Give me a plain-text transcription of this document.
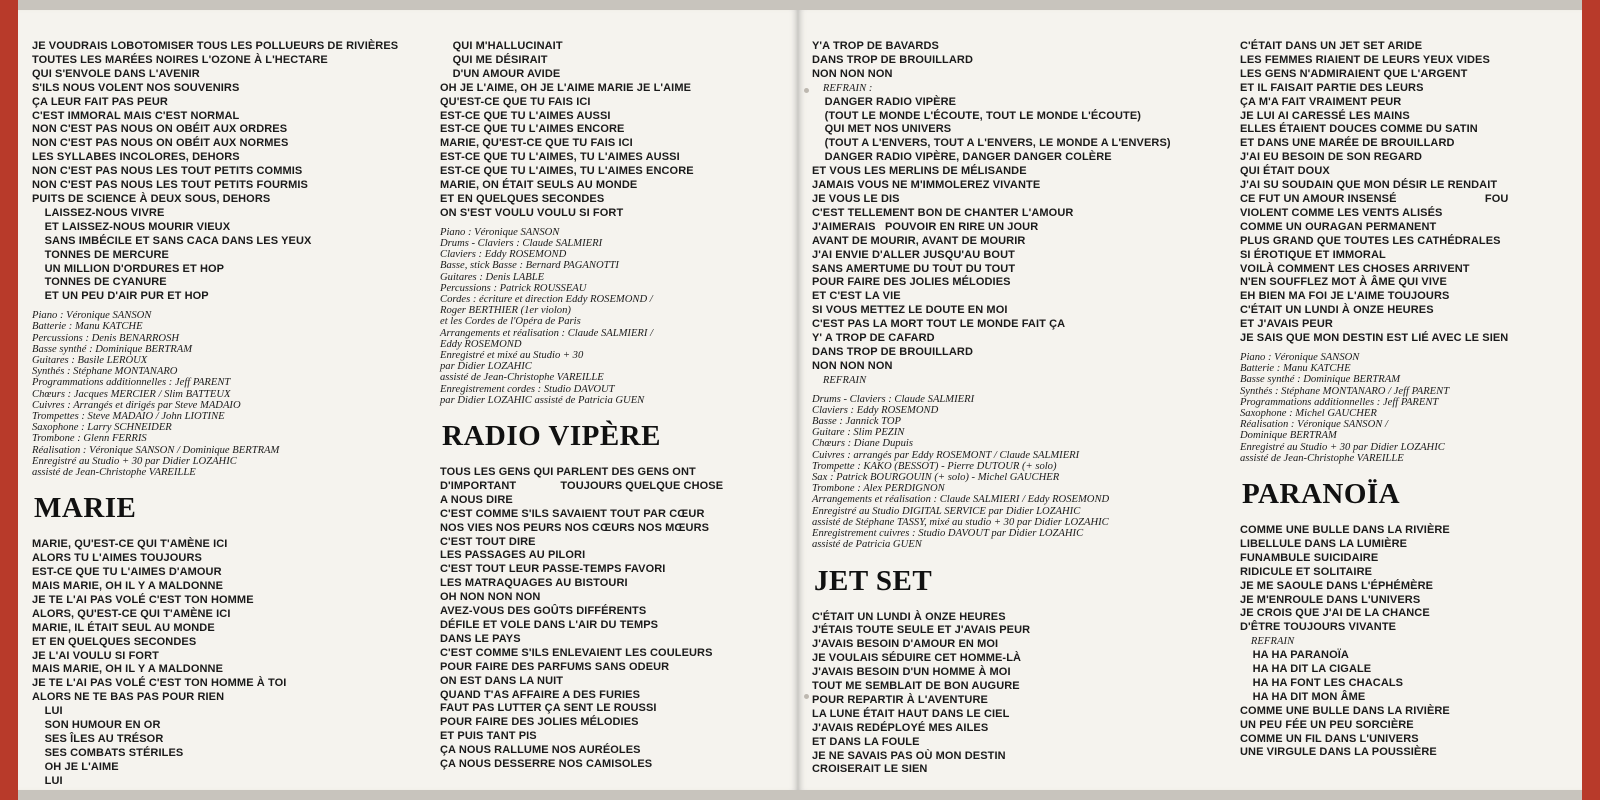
JE VOUDRAIS LOBOTOMISER TOUS LES POLLUEURS DE RIVIÈRES
TOUTES LES MARÉES NOIRES L'OZONE À L'HECTARE
QUI S'ENVOLE DANS L'AVENIR
S'ILS NOUS VOLENT NOS SOUVENIRS
ÇA LEUR FAIT PAS PEUR
C'EST IMMORAL MAIS C'EST NORMAL
NON C'EST PAS NOUS ON OBÉIT AUX ORDRES
NON C'EST PAS NOUS ON OBÉIT AUX NORMES
LES SYLLABES INCOLORES, DEHORS
NON C'EST PAS NOUS LES TOUT PETITS COMMIS
NON C'EST PAS NOUS LES TOUT PETITS FOURMIS
PUITS DE SCIENCE À DEUX SOUS, DEHORS
LAISSEZ-NOUS VIVRE
ET LAISSEZ-NOUS MOURIR VIEUX
SANS IMBÉCILE ET SANS CACA DANS LES YEUX
TONNES DE MERCURE
UN MILLION D'ORDURES ET HOP
TONNES DE CYANURE
ET UN PEU D'AIR PUR ET HOP
Piano : Véronique SANSON
Batterie : Manu KATCHE
Percussions : Denis BENARROSH
Basse synthé : Dominique BERTRAM
Guitares : Basile LEROUX
Synthés : Stéphane MONTANARO
Programmations additionnelles : Jeff PARENT
Chœurs : Jacques MERCIER / Slim BATTEUX
Cuivres : Arrangés et dirigés par Steve MADAIO
Trompettes : Steve MADAIO / John LIOTINE
Saxophone : Larry SCHNEIDER
Trombone : Glenn FERRIS
Réalisation : Véronique SANSON / Dominique BERTRAM
Enregistré au Studio + 30 par Didier LOZAHIC
assisté de Jean-Christophe VAREILLE
MARIE
MARIE, QU'EST-CE QUI T'AMÈNE ICI
ALORS TU L'AIMES TOUJOURS
EST-CE QUE TU L'AIMES D'AMOUR
MAIS MARIE, OH IL Y A MALDONNE
JE TE L'AI PAS VOLÉ C'EST TON HOMME
ALORS, QU'EST-CE QUI T'AMÈNE ICI
MARIE, IL ÉTAIT SEUL AU MONDE
ET EN QUELQUES SECONDES
JE L'AI VOULU SI FORT
MAIS MARIE, OH IL Y A MALDONNE
JE TE L'AI PAS VOLÉ C'EST TON HOMME À TOI
ALORS NE TE BAS PAS POUR RIEN
LUI
SON HUMOUR EN OR
SES ÎLES AU TRÉSOR
SES COMBATS STÉRILES
OH JE L'AIME
LUI
QUI M'HALLUCINAIT
QUI ME DÉSIRAIT
D'UN AMOUR AVIDE
OH JE L'AIME, OH JE L'AIME MARIE JE L'AIME
QU'EST-CE QUE TU FAIS ICI
EST-CE QUE TU L'AIMES AUSSI
EST-CE QUE TU L'AIMES ENCORE
MARIE, QU'EST-CE QUE TU FAIS ICI
EST-CE QUE TU L'AIMES, TU L'AIMES AUSSI
EST-CE QUE TU L'AIMES, TU L'AIMES ENCORE
MARIE, ON ÉTAIT SEULS AU MONDE
ET EN QUELQUES SECONDES
ON S'EST VOULU VOULU SI FORT
Piano : Véronique SANSON
Drums - Claviers : Claude SALMIERI
Claviers : Eddy ROSEMOND
Basse, stick Basse : Bernard PAGANOTTI
Guitares : Denis LABLE
Percussions : Patrick ROUSSEAU
Cordes : écriture et direction Eddy ROSEMOND /
Roger BERTHIER (1er violon)
et les Cordes de l'Opéra de Paris
Arrangements et réalisation : Claude SALMIERI /
Eddy ROSEMOND
Enregistré et mixé au Studio + 30
par Didier LOZAHIC
assisté de Jean-Christophe VAREILLE
Enregistrement cordes : Studio DAVOUT
par Didier LOZAHIC assisté de Patricia GUEN
RADIO VIPÈRE
TOUS LES GENS QUI PARLENT DES GENS ONT
D'IMPORTANT              TOUJOURS QUELQUE CHOSE
A NOUS DIRE
C'EST COMME S'ILS SAVAIENT TOUT PAR CŒUR
NOS VIES NOS PEURS NOS CŒURS NOS MŒURS
C'EST TOUT DIRE
LES PASSAGES AU PILORI
C'EST TOUT LEUR PASSE-TEMPS FAVORI
LES MATRAQUAGES AU BISTOURI
OH NON NON NON
AVEZ-VOUS DES GOÛTS DIFFÉRENTS
DÉFILE ET VOLE DANS L'AIR DU TEMPS
DANS LE PAYS
C'EST COMME S'ILS ENLEVAIENT LES COULEURS
POUR FAIRE DES PARFUMS SANS ODEUR
ON EST DANS LA NUIT
QUAND T'AS AFFAIRE A DES FURIES
FAUT PAS LUTTER ÇA SENT LE ROUSSI
POUR FAIRE DES JOLIES MÉLODIES
ET PUIS TANT PIS
ÇA NOUS RALLUME NOS AURÉOLES
ÇA NOUS DESSERRE NOS CAMISOLES
Y'A TROP DE BAVARDS
DANS TROP DE BROUILLARD
NON NON NON
REFRAIN :
DANGER RADIO VIPÈRE
(TOUT LE MONDE L'ÉCOUTE, TOUT LE MONDE L'ÉCOUTE)
QUI MET NOS UNIVERS
(TOUT A L'ENVERS, TOUT A L'ENVERS, LE MONDE A L'ENVERS)
DANGER RADIO VIPÈRE, DANGER DANGER COLÈRE
ET VOUS LES MERLINS DE MÉLISANDE
JAMAIS VOUS NE M'IMMOLEREZ VIVANTE
JE VOUS LE DIS
C'EST TELLEMENT BON DE CHANTER L'AMOUR
J'AIMERAIS   POUVOIR EN RIRE UN JOUR
AVANT DE MOURIR, AVANT DE MOURIR
J'AI ENVIE D'ALLER JUSQU'AU BOUT
SANS AMERTUME DU TOUT DU TOUT
POUR FAIRE DES JOLIES MÉLODIES
ET C'EST LA VIE
SI VOUS METTEZ LE DOUTE EN MOI
C'EST PAS LA MORT TOUT LE MONDE FAIT ÇA
Y' A TROP DE CAFARD
DANS TROP DE BROUILLARD
NON NON NON
REFRAIN
Drums - Claviers : Claude SALMIERI
Claviers : Eddy ROSEMOND
Basse : Jannick TOP
Guitare : Slim PEZIN
Chœurs : Diane Dupuis
Cuivres : arrangés par Eddy ROSEMONT / Claude SALMIERI
Trompette : KAKO (BESSOT) - Pierre DUTOUR (+ solo)
Sax : Patrick BOURGOUIN (+ solo) - Michel GAUCHER
Trombone : Alex PERDIGNON
Arrangements et réalisation : Claude SALMIERI / Eddy ROSEMOND
Enregistré au Studio DIGITAL SERVICE par Didier LOZAHIC
assisté de Stéphane TASSY, mixé au studio + 30 par Didier LOZAHIC
Enregistrement cuivres : Studio DAVOUT par Didier LOZAHIC
assisté de Patricia GUEN
JET SET
C'ÉTAIT UN LUNDI À ONZE HEURES
J'ÉTAIS TOUTE SEULE ET J'AVAIS PEUR
J'AVAIS BESOIN D'AMOUR EN MOI
JE VOULAIS SÉDUIRE CET HOMME-LÀ
J'AVAIS BESOIN D'UN HOMME À MOI
TOUT ME SEMBLAIT DE BON AUGURE
POUR REPARTIR À L'AVENTURE
LA LUNE ÉTAIT HAUT DANS LE CIEL
J'AVAIS REDÉPLOYÉ MES AILES
ET DANS LA FOULE
JE NE SAVAIS PAS OÙ MON DESTIN
CROISERAIT LE SIEN
C'ÉTAIT DANS UN JET SET ARIDE
LES FEMMES RIAIENT DE LEURS YEUX VIDES
LES GENS N'ADMIRAIENT QUE L'ARGENT
ET IL FAISAIT PARTIE DES LEURS
ÇA M'A FAIT VRAIMENT PEUR
JE LUI AI CARESSÉ LES MAINS
ELLES ÉTAIENT DOUCES COMME DU SATIN
ET DANS UNE MARÉE DE BROUILLARD
J'AI EU BESOIN DE SON REGARD
QUI ÉTAIT DOUX
J'AI SU SOUDAIN QUE MON DÉSIR LE RENDAIT
CE FUT UN AMOUR INSENSÉ                            FOU
VIOLENT COMME LES VENTS ALISÉS
COMME UN OURAGAN PERMANENT
PLUS GRAND QUE TOUTES LES CATHÉDRALES
SI ÉROTIQUE ET IMMORAL
VOILÀ COMMENT LES CHOSES ARRIVENT
N'EN SOUFFLEZ MOT À ÂME QUI VIVE
EH BIEN MA FOI JE L'AIME TOUJOURS
C'ÉTAIT UN LUNDI À ONZE HEURES
ET J'AVAIS PEUR
JE SAIS QUE MON DESTIN EST LIÉ AVEC LE SIEN
Piano : Véronique SANSON
Batterie : Manu KATCHE
Basse synthé : Dominique BERTRAM
Synthés : Stéphane MONTANARO / Jeff PARENT
Programmations additionnelles : Jeff PARENT
Saxophone : Michel GAUCHER
Réalisation : Véronique SANSON /
Dominique BERTRAM
Enregistré au Studio + 30 par Didier LOZAHIC
assisté de Jean-Christophe VAREILLE
PARANOÏA
COMME UNE BULLE DANS LA RIVIÈRE
LIBELLULE DANS LA LUMIÈRE
FUNAMBULE SUICIDAIRE
RIDICULE ET SOLITAIRE
JE ME SAOULE DANS L'ÉPHÉMÈRE
JE M'ENROULE DANS L'UNIVERS
JE CROIS QUE J'AI DE LA CHANCE
D'ÊTRE TOUJOURS VIVANTE
REFRAIN
HA HA PARANOÏA
HA HA DIT LA CIGALE
HA HA FONT LES CHACALS
HA HA DIT MON ÂME
COMME UNE BULLE DANS LA RIVIÈRE
UN PEU FÉE UN PEU SORCIÈRE
COMME UN FIL DANS L'UNIVERS
UNE VIRGULE DANS LA POUSSIÈRE
